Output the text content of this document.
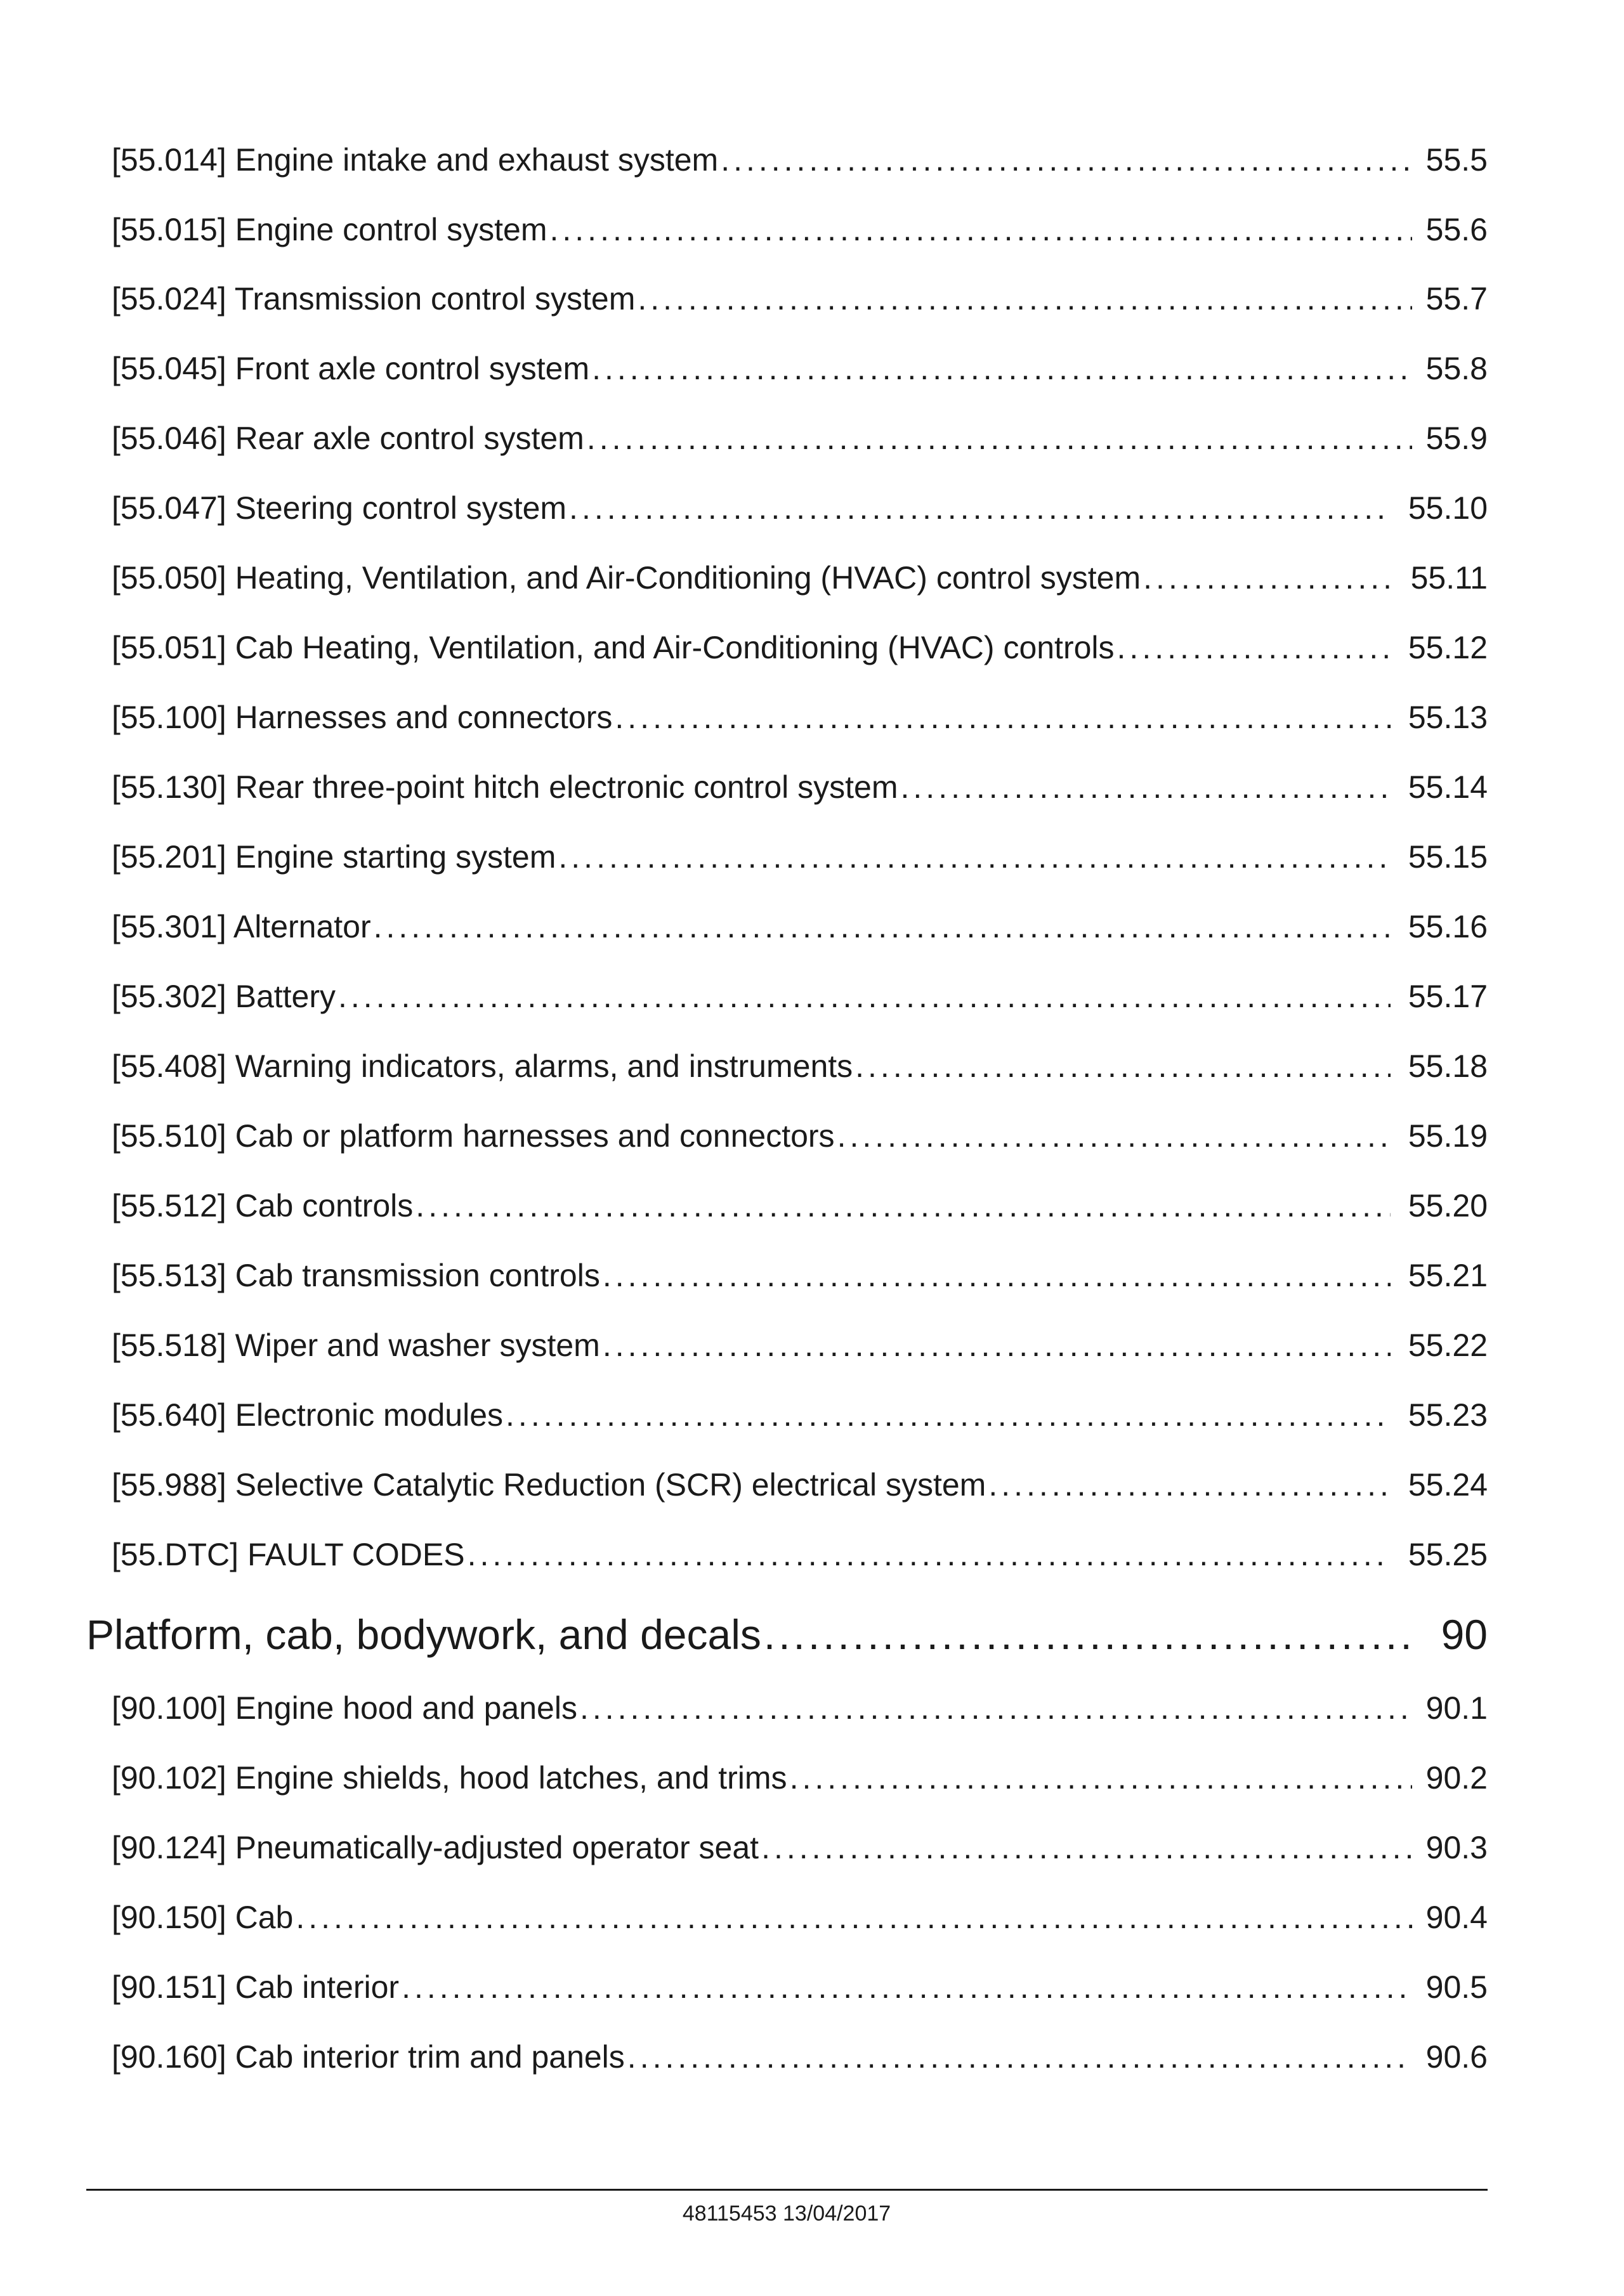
[55.014] Engine intake and exhaust system .....	55.5
[55.015] Engine control system .....	55.6
[55.024] Transmission control system .....	55.7
[55.045] Front axle control system .....	55.8
[55.046] Rear axle control system .....	55.9
[55.047] Steering control system .....	55.10
[55.050] Heating, Ventilation, and Air-Conditioning (HVAC) control system .....	55.11
[55.051] Cab Heating, Ventilation, and Air-Conditioning (HVAC) controls .....	55.12
[55.100] Harnesses and connectors .....	55.13
[55.130] Rear three-point hitch electronic control system .....	55.14
[55.201] Engine starting system .....	55.15
[55.301] Alternator .....	55.16
[55.302] Battery .....	55.17
[55.408] Warning indicators, alarms, and instruments .....	55.18
[55.510] Cab or platform harnesses and connectors .....	55.19
[55.512] Cab controls .....	55.20
[55.513] Cab transmission controls .....	55.21
[55.518] Wiper and washer system .....	55.22
[55.640] Electronic modules .....	55.23
[55.988] Selective Catalytic Reduction (SCR) electrical system .....	55.24
[55.DTC] FAULT CODES .....	55.25
Platform, cab, bodywork, and decals .....	90
[90.100] Engine hood and panels .....	90.1
[90.102] Engine shields, hood latches, and trims .....	90.2
[90.124] Pneumatically-adjusted operator seat .....	90.3
[90.150] Cab .....	90.4
[90.151] Cab interior .....	90.5
[90.160] Cab interior trim and panels .....	90.6
48115453 13/04/2017
